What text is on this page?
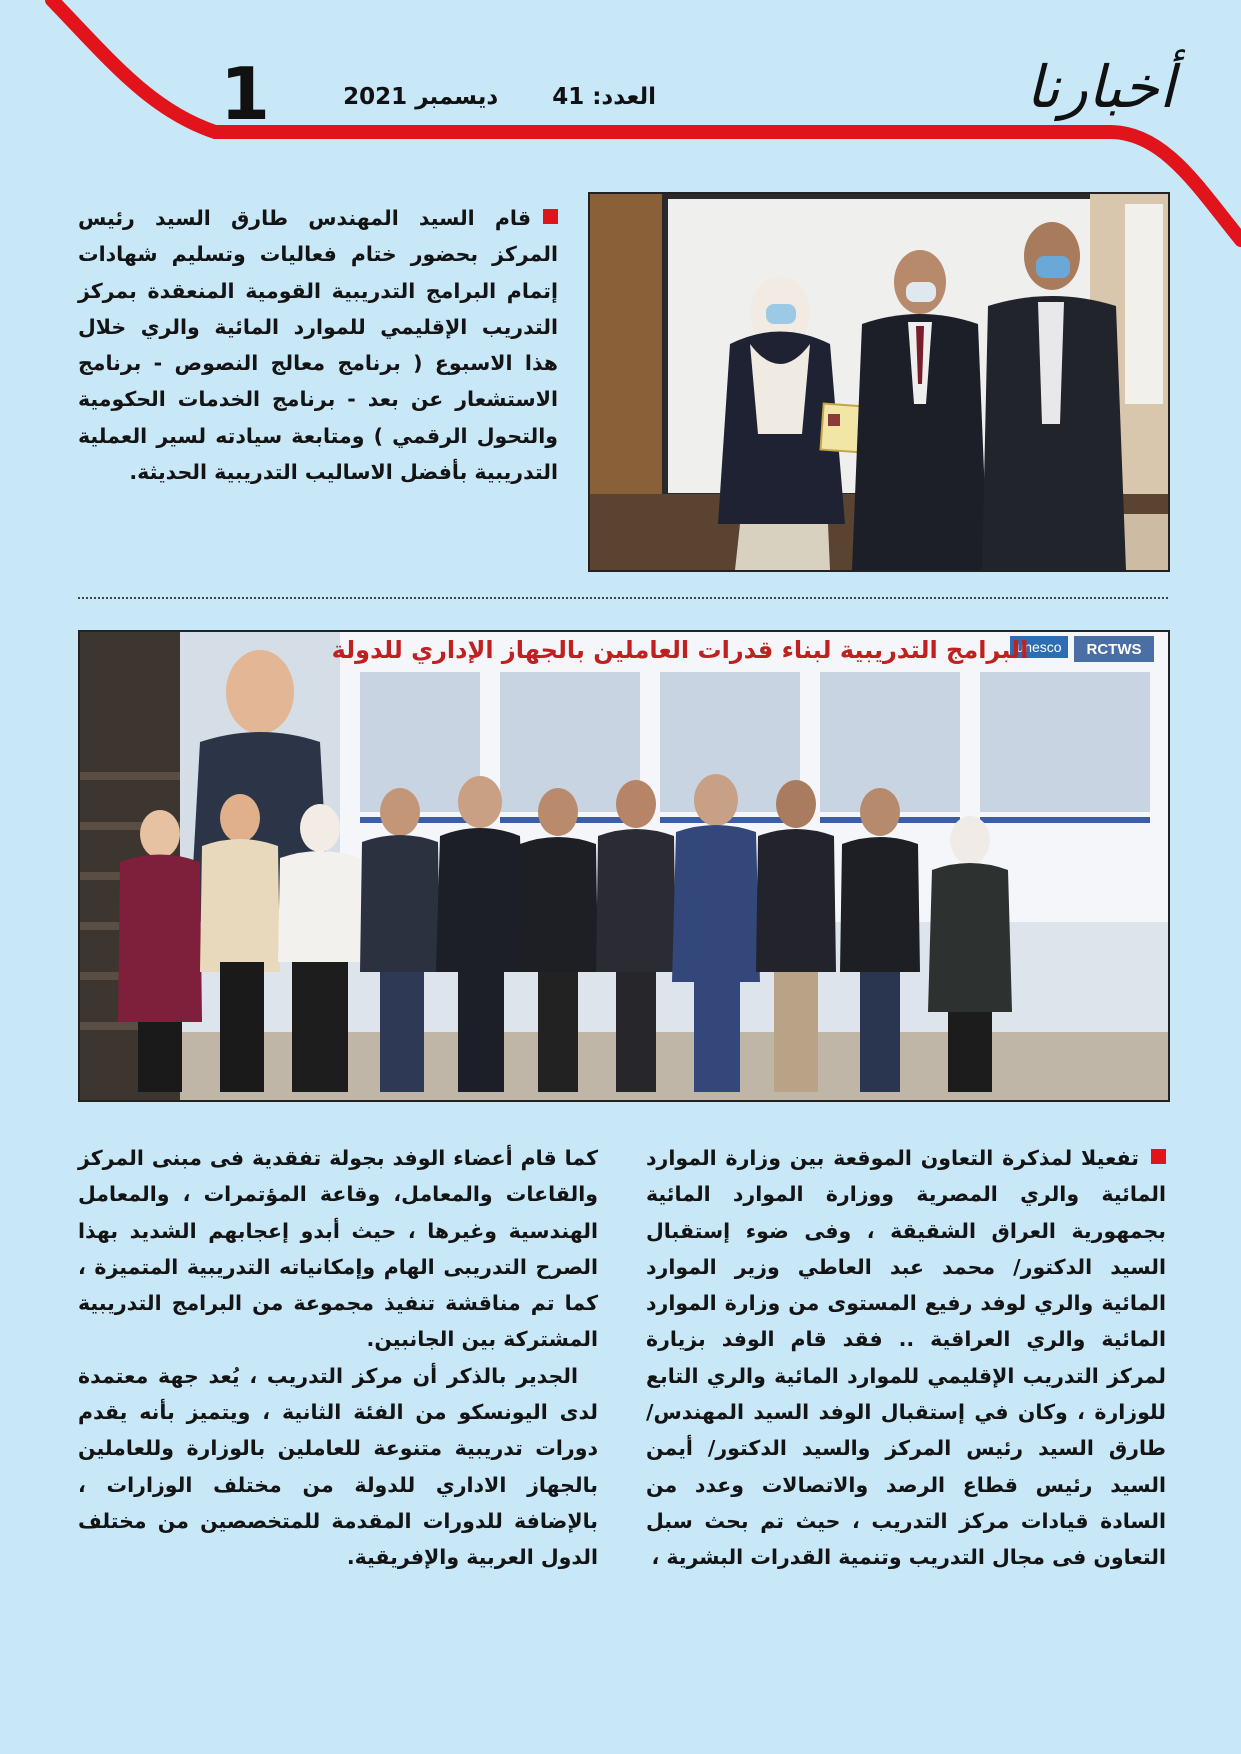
أخبارنا
العدد:41  ديسمبر 2021
1

قام السيد المهندس طارق السيد رئيس المركز بحضور ختام فعاليات وتسليم شهادات إتمام البرامج التدريبية القومية المنعقدة بمركز التدريب الإقليمي للموارد المائية والري خلال هذا الاسبوع ( برنامج معالج النصوص - برنامج الاستشعار عن بعد - برنامج الخدمات الحكومية والتحول الرقمي ) ومتابعة سيادته لسير العملية التدريبية بأفضل الاساليب التدريبية الحديثة.

unesco RCTWS
البرامج التدريبية لبناء قدرات العاملين بالجهاز الإداري للدولة

تفعيلا لمذكرة التعاون الموقعة بين وزارة الموارد المائية والري المصرية ووزارة الموارد المائية بجمهورية العراق الشقيقة ، وفى ضوء إستقبال السيد الدكتور/ محمد عبد العاطي وزير الموارد المائية والري لوفد رفيع المستوى من وزارة الموارد المائية والري العراقية .. فقد قام الوفد بزيارة لمركز التدريب الإقليمي للموارد المائية والري التابع للوزارة ، وكان في إستقبال الوفد السيد المهندس/ طارق السيد رئيس المركز والسيد الدكتور/ أيمن السيد رئيس قطاع الرصد والاتصالات وعدد من السادة قيادات مركز التدريب ، حيث تم بحث سبل التعاون فى مجال التدريب وتنمية القدرات البشرية ،

كما قام أعضاء الوفد بجولة تفقدية فى مبنى المركز والقاعات والمعامل، وقاعة المؤتمرات ، والمعامل الهندسية وغيرها ، حيث أبدو إعجابهم الشديد بهذا الصرح التدريبى الهام وإمكانياته التدريبية المتميزة ، كما تم مناقشة تنفيذ مجموعة من البرامج التدريبية المشتركة بين الجانبين.

الجدير بالذكر أن مركز التدريب ، يُعد جهة معتمدة لدى اليونسكو من الفئة الثانية ، ويتميز بأنه يقدم دورات تدريبية متنوعة للعاملين بالوزارة وللعاملين بالجهاز الاداري للدولة من مختلف الوزارات ، بالإضافة للدورات المقدمة للمتخصصين من مختلف الدول العربية والإفريقية.
